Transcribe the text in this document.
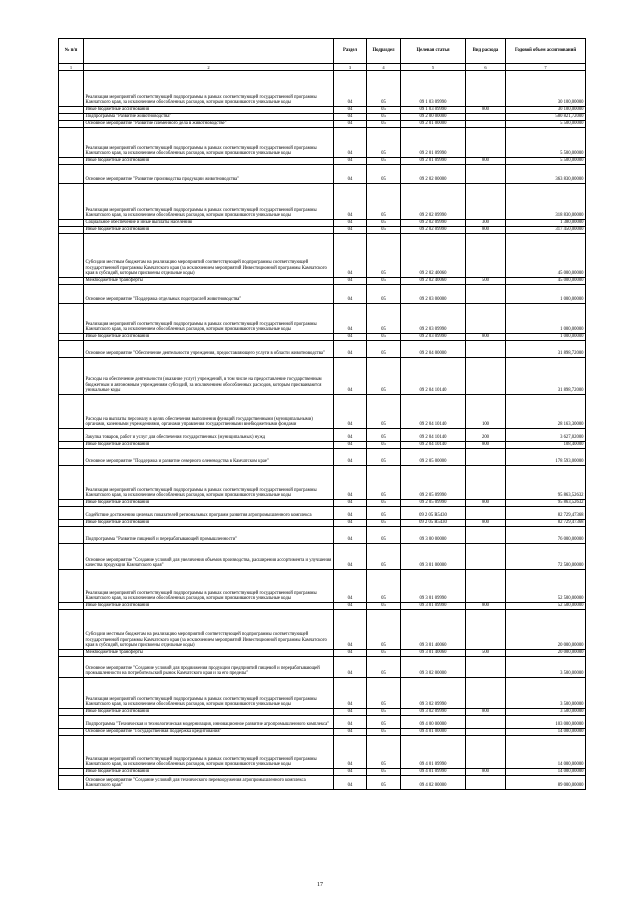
№ п/п		Раздел	Подраздел	Целевая статья	Вид расхода	Годовой объем ассигнований
1	2	3	4	5	6	7
	Реализация мероприятий соответствующей подпрограммы в рамках соответствующей государственной программы Камчатского края, за исключением обособленных расходов, которым присваиваются уникальные коды	04	05	09 1 03 09990		30 100,00000
	Иные бюджетные ассигнования	04	05	09 1 03 09990	800	30 100,00000
	Подпрограмма "Развитие животноводства"	04	05	09 2 00 00000		580 821,72000
	Основное мероприятие "Развитие племенного дела в животноводстве"	04	05	09 2 01 00000		5 500,00000
	Реализация мероприятий соответствующей подпрограммы в рамках соответствующей государственной программы Камчатского края, за исключением обособленных расходов, которым присваиваются уникальные коды	04	05	09 2 01 09990		5 500,00000
	Иные бюджетные ассигнования	04	05	09 2 01 09990	800	5 500,00000
	Основное мероприятие "Развитие производства продукции животноводства"	04	05	09 2 02 00000		363 830,00000
	Реализация мероприятий соответствующей подпрограммы в рамках соответствующей государственной программы Камчатского края, за исключением обособленных расходов, которым присваиваются уникальные коды	04	05	09 2 02 09990		318 830,00000
	Социальное обеспечение и иные выплаты населению	04	05	09 2 02 09990	300	1 380,00000
	Иные бюджетные ассигнования	04	05	09 2 02 09990	800	317 450,00000
	Субсидии местным бюджетам на реализацию мероприятий соответствующей подпрограммы соответствующей государственной программы Камчатского края (за исключением мероприятий Инвестиционной программы Камчатского края в субсидий, которым присвоены отдельные коды)	04	05	09 2 02 40060		45 000,00000
	Межбюджетные трансферты	04	05	09 2 02 40060	500	45 000,00000
	Основное мероприятие "Поддержка отдельных подотраслей животноводства"	04	05	09 2 03 00000		1 000,00000
	Реализация мероприятий соответствующей подпрограммы в рамках соответствующей государственной программы Камчатского края, за исключением обособленных расходов, которым присваиваются уникальные коды	04	05	09 2 03 09990		1 000,00000
	Иные бюджетные ассигнования	04	05	09 2 03 09990	800	1 000,00000
	Основное мероприятие "Обеспечение деятельности учреждения, предоставляющего услуги в области животноводства"	04	05	09 2 04 00000		31 898,72000
	Расходы на обеспечение деятельности (оказание услуг) учреждений, в том числе на предоставление государственным бюджетным и автономным учреждениям субсидий, за исключением обособленных расходов, которым присваиваются уникальные коды	04	05	09 2 04 10140		31 898,72000
	Расходы на выплаты персоналу в целях обеспечения выполнения функций государственными (муниципальными) органами, казенными учреждениями, органами управления государственными внебюджетными фондами	04	05	09 2 04 10140	100	28 163,30000
	Закупка товаров, работ и услуг для обеспечения государственных (муниципальных) нужд	04	05	09 2 04 10140	200	3 627,02000
	Иные бюджетные ассигнования	04	05	09 2 04 10140	800	108,40000
	Основное мероприятие "Поддержка и развитие северного оленеводства в Камчатском крае"	04	05	09 2 05 00000		178 593,00000
	Реализация мероприятий соответствующей подпрограммы в рамках соответствующей государственной программы Камчатского края, за исключением обособленных расходов, которым присваиваются уникальные коды	04	05	09 2 05 09990		95 863,52632
	Иные бюджетные ассигнования	04	05	09 2 05 09990	800	95 863,52632
	Содействие достижению целевых показателей региональных программ развития агропромышленного комплекса	04	05	09 2 05 R5430		82 729,47368
	Иные бюджетные ассигнования	04	05	09 2 05 R5430	800	82 729,47368
	Подпрограмма "Развитие пищевой и перерабатывающей промышленности"	04	05	09 3 00 00000		76 000,00000
	Основное мероприятие "Создание условий для увеличения объемов производства, расширения ассортимента и улучшения качества продукции Камчатского края"	04	05	09 3 01 00000		72 500,00000
	Реализация мероприятий соответствующей подпрограммы в рамках соответствующей государственной программы Камчатского края, за исключением обособленных расходов, которым присваиваются уникальные коды	04	05	09 3 01 09990		52 500,00000
	Иные бюджетные ассигнования	04	05	09 3 01 09990	800	52 500,00000
	Субсидии местным бюджетам на реализацию мероприятий соответствующей подпрограммы соответствующей государственной программы Камчатского края (за исключением мероприятий Инвестиционной программы Камчатского края в субсидий, которым присвоены отдельные коды)	04	05	09 3 01 40060		20 000,00000
	Межбюджетные трансферты	04	05	09 3 01 40060	500	20 000,00000
	Основное мероприятие "Создание условий для продвижения продукции предприятий пищевой и перерабатывающей промышленности на потребительский рынок Камчатского края и за его пределы"	04	05	09 3 02 00000		3 500,00000
	Реализация мероприятий соответствующей подпрограммы в рамках соответствующей государственной программы Камчатского края, за исключением обособленных расходов, которым присваиваются уникальные коды	04	05	09 3 02 09990		3 500,00000
	Иные бюджетные ассигнования	04	05	09 3 02 09990	800	3 500,00000
	Подпрограмма "Техническая и технологическая модернизация, инновационное развитие агропромышленного комплекса"	04	05	09 4 00 00000		103 000,00000
	Основное мероприятие "Государственная поддержка кредитования"	04	05	09 4 01 00000		14 000,00000
	Реализация мероприятий соответствующей подпрограммы в рамках соответствующей государственной программы Камчатского края, за исключением обособленных расходов, которым присваиваются уникальные коды	04	05	09 4 01 09990		14 000,00000
	Иные бюджетные ассигнования	04	05	09 4 01 09990	800	14 000,00000
	Основное мероприятие "Создание условий для технического перевооружения агропромышленного комплекса Камчатского края"	04	05	09 4 02 00000		89 000,00000
17
